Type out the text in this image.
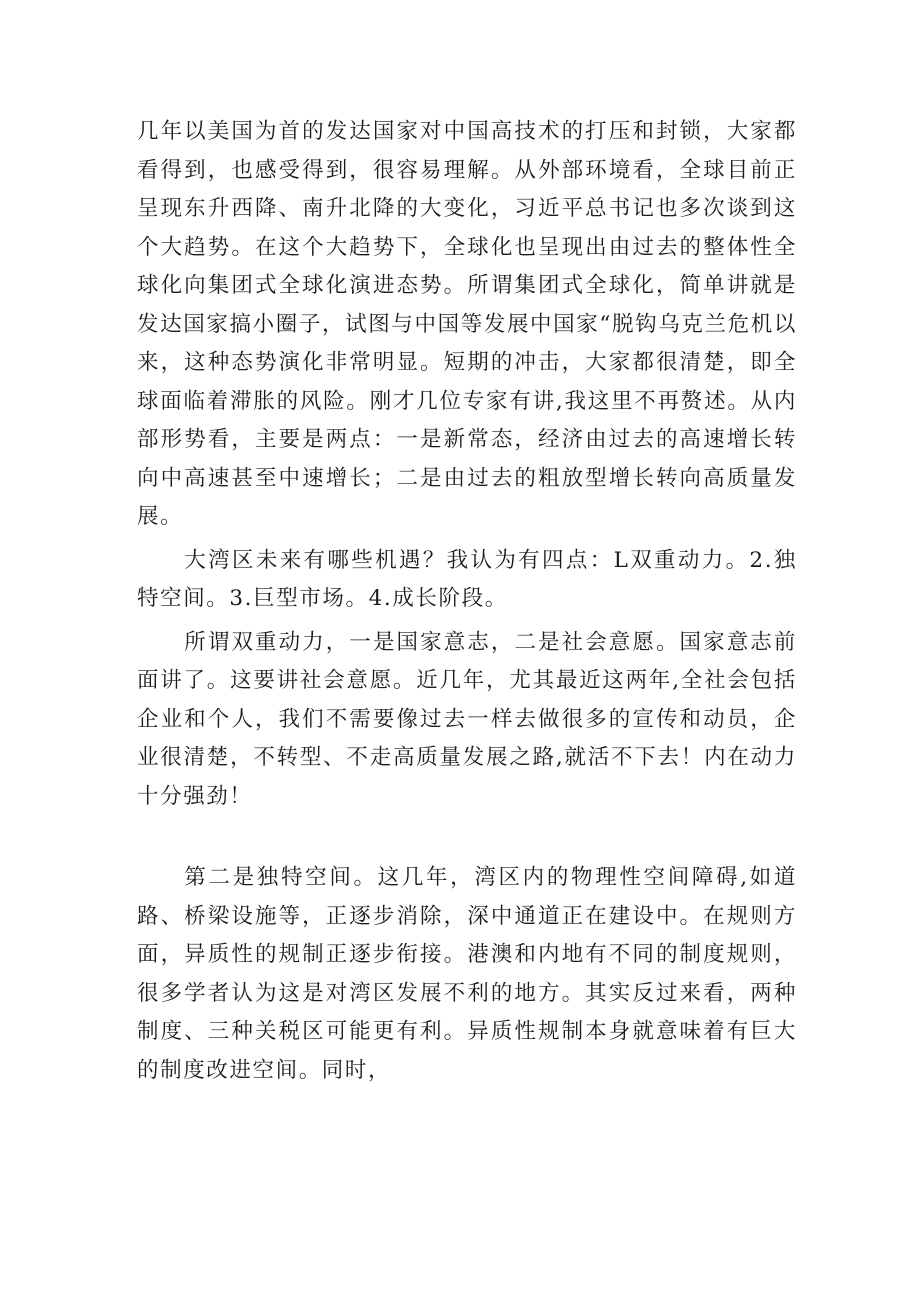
几年以美国为首的发达国家对中国高技术的打压和封锁，大家都看得到，也感受得到，很容易理解。从外部环境看，全球目前正呈现东升西降、南升北降的大变化，习近平总书记也多次谈到这个大趋势。在这个大趋势下，全球化也呈现出由过去的整体性全球化向集团式全球化演进态势。所谓集团式全球化，简单讲就是发达国家搞小圈子，试图与中国等发展中国家“脱钩乌克兰危机以来，这种态势演化非常明显。短期的冲击，大家都很清楚，即全球面临着滞胀的风险。刚才几位专家有讲,我这里不再赘述。从内部形势看，主要是两点：一是新常态，经济由过去的高速增长转向中高速甚至中速增长；二是由过去的粗放型增长转向高质量发展。

大湾区未来有哪些机遇？我认为有四点：L双重动力。2.独特空间。3.巨型市场。4.成长阶段。

所谓双重动力，一是国家意志，二是社会意愿。国家意志前面讲了。这要讲社会意愿。近几年，尤其最近这两年,全社会包括企业和个人，我们不需要像过去一样去做很多的宣传和动员，企业很清楚，不转型、不走高质量发展之路,就活不下去！内在动力十分强劲！

第二是独特空间。这几年，湾区内的物理性空间障碍,如道路、桥梁设施等，正逐步消除，深中通道正在建设中。在规则方面，异质性的规制正逐步衔接。港澳和内地有不同的制度规则，很多学者认为这是对湾区发展不利的地方。其实反过来看，两种制度、三种关税区可能更有利。异质性规制本身就意味着有巨大的制度改进空间。同时，
